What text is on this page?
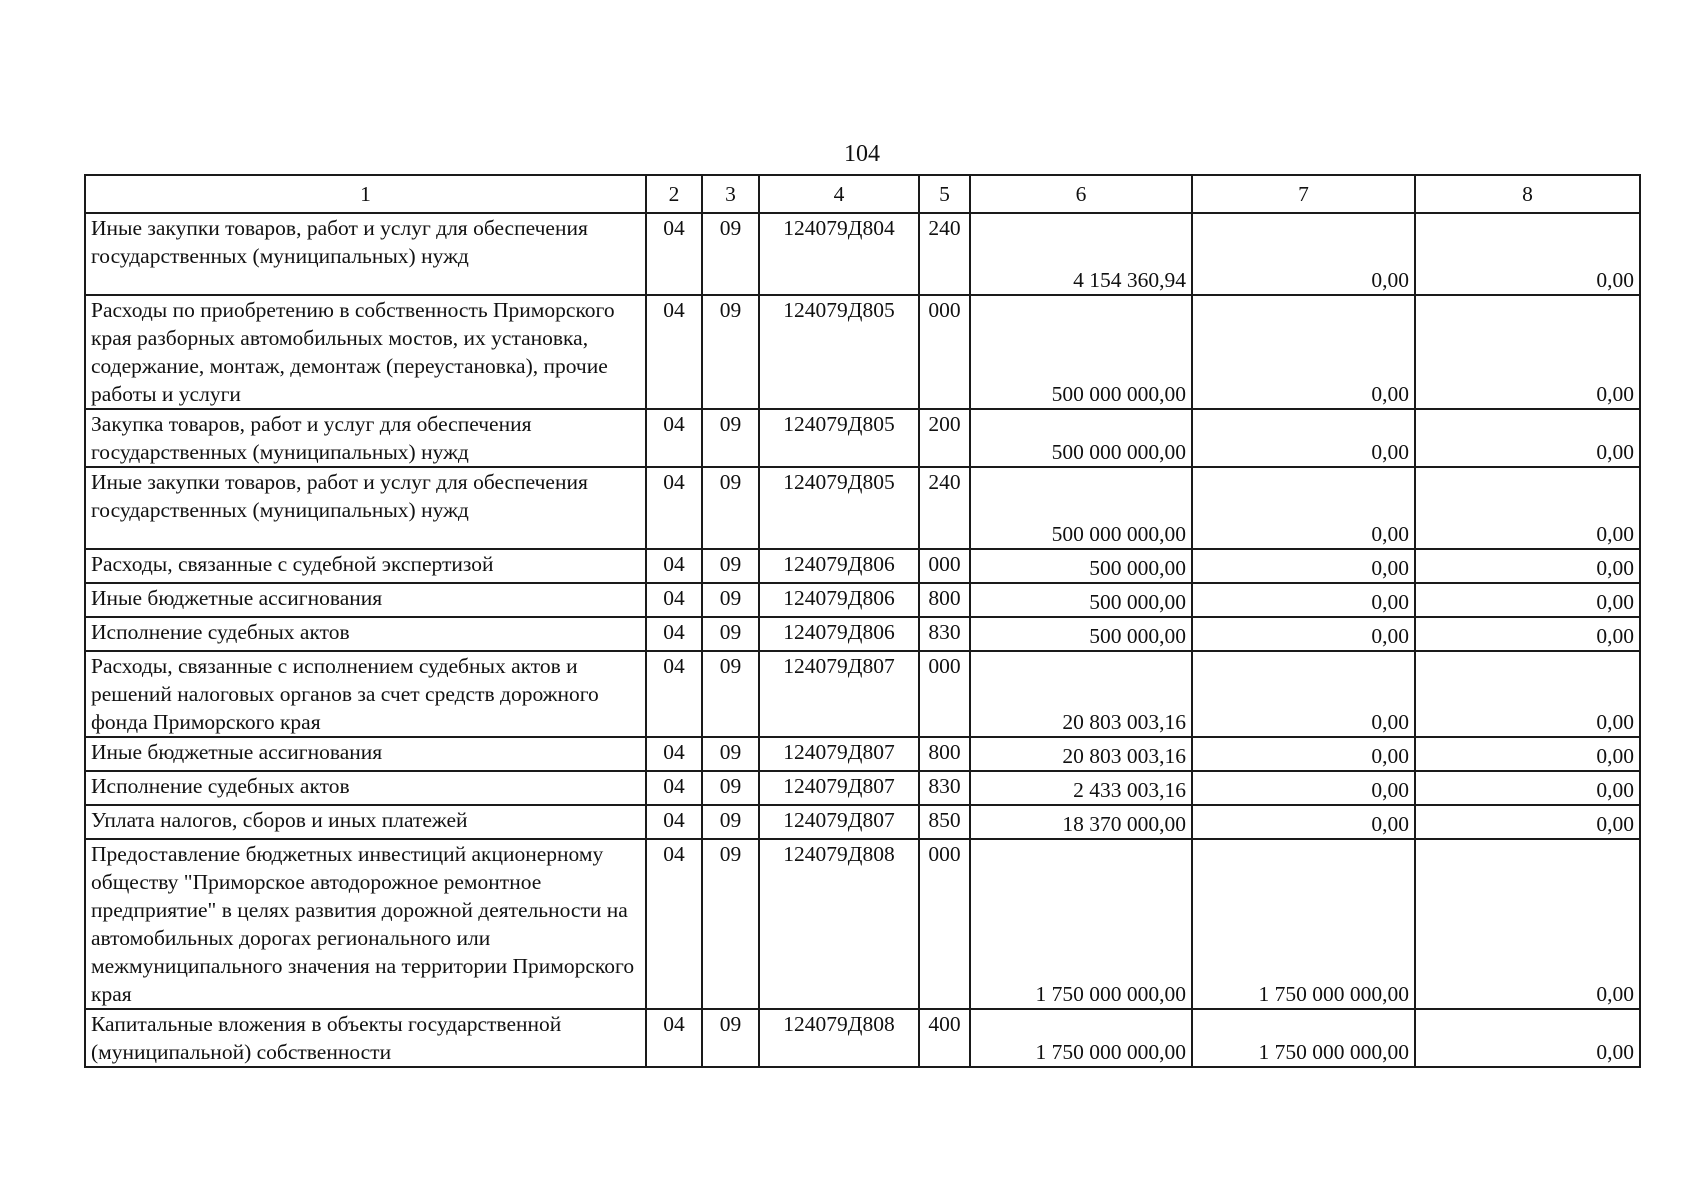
104
1	2	3	4	5	6	7	8
Иные закупки товаров, работ и услуг для обеспечения государственных (муниципальных) нужд	04	09	124079Д804	240	4 154 360,94	0,00	0,00
Расходы по приобретению в собственность Приморского края разборных автомобильных мостов, их установка, содержание, монтаж, демонтаж (переустановка), прочие работы и услуги	04	09	124079Д805	000	500 000 000,00	0,00	0,00
Закупка товаров, работ и услуг для обеспечения государственных (муниципальных) нужд	04	09	124079Д805	200	500 000 000,00	0,00	0,00
Иные закупки товаров, работ и услуг для обеспечения государственных (муниципальных) нужд	04	09	124079Д805	240	500 000 000,00	0,00	0,00
Расходы, связанные с судебной экспертизой	04	09	124079Д806	000	500 000,00	0,00	0,00
Иные бюджетные ассигнования	04	09	124079Д806	800	500 000,00	0,00	0,00
Исполнение судебных актов	04	09	124079Д806	830	500 000,00	0,00	0,00
Расходы, связанные с исполнением судебных актов и решений налоговых органов за счет средств дорожного фонда Приморского края	04	09	124079Д807	000	20 803 003,16	0,00	0,00
Иные бюджетные ассигнования	04	09	124079Д807	800	20 803 003,16	0,00	0,00
Исполнение судебных актов	04	09	124079Д807	830	2 433 003,16	0,00	0,00
Уплата налогов, сборов и иных платежей	04	09	124079Д807	850	18 370 000,00	0,00	0,00
Предоставление бюджетных инвестиций акционерному обществу "Приморское автодорожное ремонтное предприятие" в целях развития дорожной деятельности на автомобильных дорогах регионального или межмуниципального значения на территории Приморского края	04	09	124079Д808	000	1 750 000 000,00	1 750 000 000,00	0,00
Капитальные вложения в объекты государственной (муниципальной) собственности	04	09	124079Д808	400	1 750 000 000,00	1 750 000 000,00	0,00
